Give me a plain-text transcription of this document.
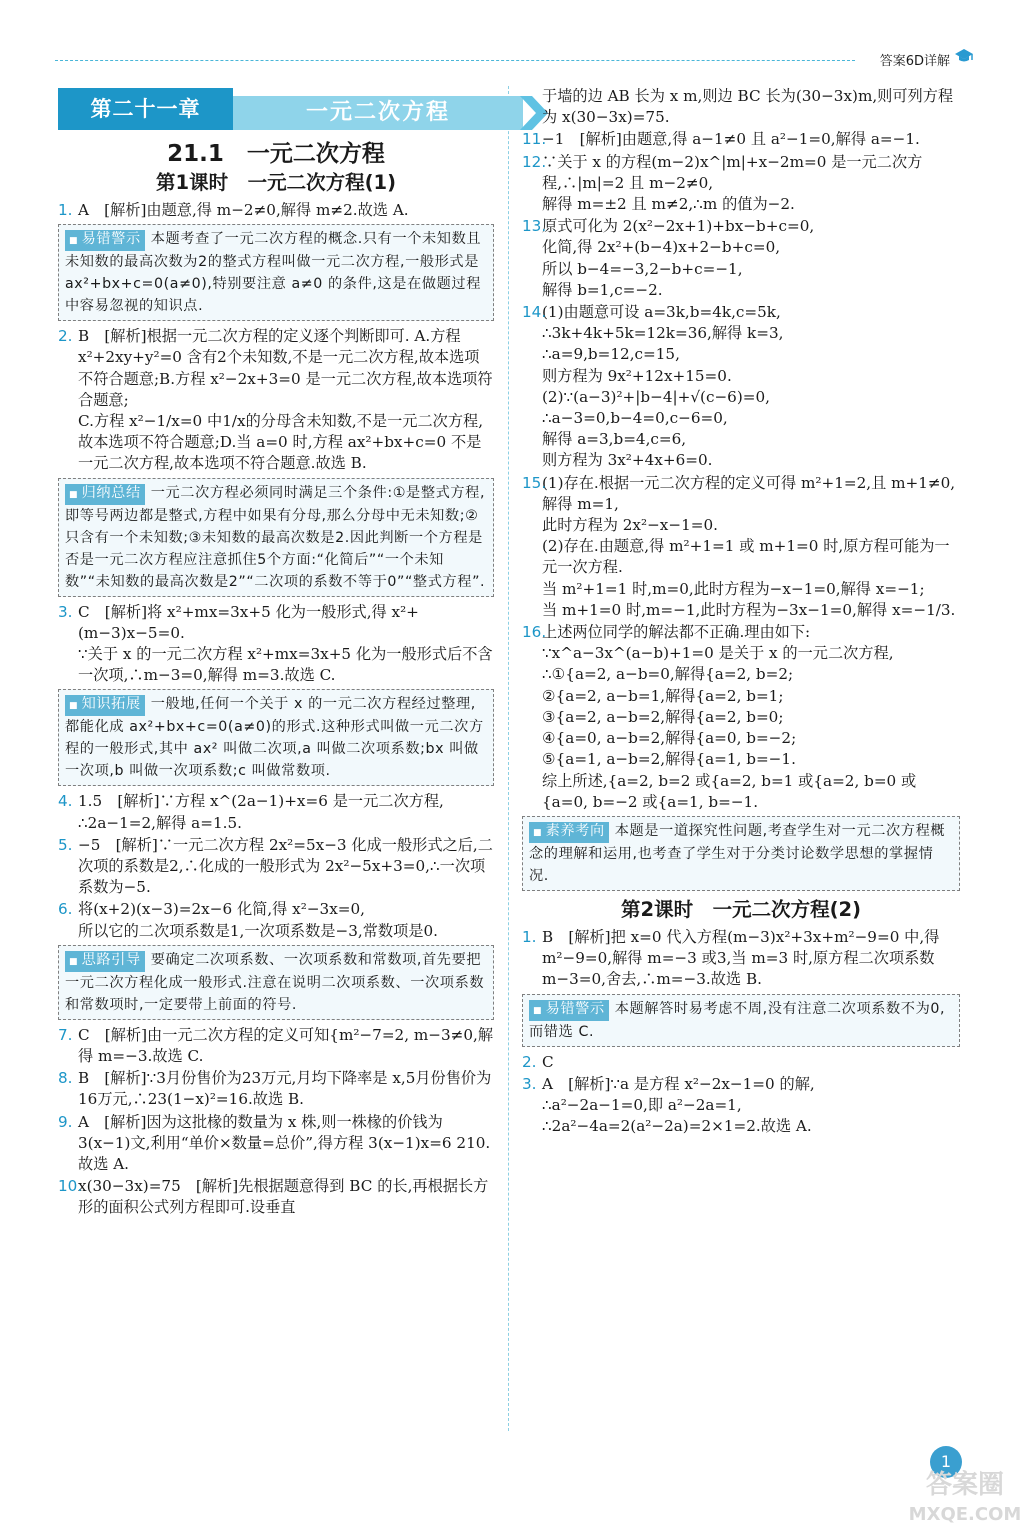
答案6D详解
第二十一章	一元二次方程
21.1　一元二次方程
第1课时　一元二次方程(1)
1. A　[解析]由题意,得 m−2≠0,解得 m≠2.故选 A.
■ 易错警示 本题考查了一元二次方程的概念.只有一个未知数且未知数的最高次数为2的整式方程叫做一元二次方程,一般形式是 ax²+bx+c=0(a≠0),特别要注意 a≠0 的条件,这是在做题过程中容易忽视的知识点.
2. B　[解析]根据一元二次方程的定义逐个判断即可. A.方程 x²+2xy+y²=0 含有2个未知数,不是一元二次方程,故本选项不符合题意;B.方程 x²−2x+3=0 是一元二次方程,故本选项符合题意;
C.方程 x²−1/x=0 中1/x的分母含未知数,不是一元二次方程,故本选项不符合题意;D.当 a=0 时,方程 ax²+bx+c=0 不是一元二次方程,故本选项不符合题意.故选 B.
■ 归纳总结 一元二次方程必须同时满足三个条件:①是整式方程,即等号两边都是整式,方程中如果有分母,那么分母中无未知数;②只含有一个未知数;③未知数的最高次数是2.因此判断一个方程是否是一元二次方程应注意抓住5个方面:“化简后”“一个未知数”“未知数的最高次数是2”“二次项的系数不等于0”“整式方程”.
3. C　[解析]将 x²+mx=3x+5 化为一般形式,得 x²+(m−3)x−5=0.
∵关于 x 的一元二次方程 x²+mx=3x+5 化为一般形式后不含一次项,∴m−3=0,解得 m=3.故选 C.
■ 知识拓展 一般地,任何一个关于 x 的一元二次方程经过整理,都能化成 ax²+bx+c=0(a≠0)的形式.这种形式叫做一元二次方程的一般形式,其中 ax² 叫做二次项,a 叫做二次项系数;bx 叫做一次项,b 叫做一次项系数;c 叫做常数项.
4. 1.5　[解析]∵方程 x^(2a−1)+x=6 是一元二次方程,
∴2a−1=2,解得 a=1.5.
5. −5　[解析]∵一元二次方程 2x²=5x−3 化成一般形式之后,二次项的系数是2,∴化成的一般形式为 2x²−5x+3=0,∴一次项系数为−5.
6. 将(x+2)(x−3)=2x−6 化简,得 x²−3x=0,
所以它的二次项系数是1,一次项系数是−3,常数项是0.
■ 思路引导 要确定二次项系数、一次项系数和常数项,首先要把一元二次方程化成一般形式.注意在说明二次项系数、一次项系数和常数项时,一定要带上前面的符号.
7. C　[解析]由一元二次方程的定义可知{m²−7=2, m−3≠0,解得 m=−3.故选 C.
8. B　[解析]∵3月份售价为23万元,月均下降率是 x,5月份售价为16万元,∴23(1−x)²=16.故选 B.
9. A　[解析]因为这批椽的数量为 x 株,则一株椽的价钱为3(x−1)文,利用“单价×数量=总价”,得方程 3(x−1)x=6 210.故选 A.
10.
x(30−3x)=75　[解析]先根据题意得到 BC 的长,再根据长方形的面积公式列方程即可.设垂直
于墙的边 AB 长为 x m,则边 BC 长为(30−3x)m,则可列方程为 x(30−3x)=75.
11.
−1　[解析]由题意,得 a−1≠0 且 a²−1=0,解得 a=−1.
12.
∵关于 x 的方程(m−2)x^|m|+x−2m=0 是一元二次方程,∴|m|=2 且 m−2≠0,
解得 m=±2 且 m≠2,∴m 的值为−2.
13.
原式可化为 2(x²−2x+1)+bx−b+c=0,
化简,得 2x²+(b−4)x+2−b+c=0,
所以 b−4=−3,2−b+c=−1,
解得 b=1,c=−2.
14.
(1)由题意可设 a=3k,b=4k,c=5k,
∴3k+4k+5k=12k=36,解得 k=3,
∴a=9,b=12,c=15,
则方程为 9x²+12x+15=0.
(2)∵(a−3)²+|b−4|+√(c−6)=0,
∴a−3=0,b−4=0,c−6=0,
解得 a=3,b=4,c=6,
则方程为 3x²+4x+6=0.
15.
(1)存在.根据一元二次方程的定义可得 m²+1=2,且 m+1≠0,解得 m=1,
此时方程为 2x²−x−1=0.
(2)存在.由题意,得 m²+1=1 或 m+1=0 时,原方程可能为一元一次方程.
当 m²+1=1 时,m=0,此时方程为−x−1=0,解得 x=−1;
当 m+1=0 时,m=−1,此时方程为−3x−1=0,解得 x=−1/3.
16.
上述两位同学的解法都不正确.理由如下:
∵x^a−3x^(a−b)+1=0 是关于 x 的一元二次方程,
∴①{a=2, a−b=0,解得{a=2, b=2;
②{a=2, a−b=1,解得{a=2, b=1;
③{a=2, a−b=2,解得{a=2, b=0;
④{a=0, a−b=2,解得{a=0, b=−2;
⑤{a=1, a−b=2,解得{a=1, b=−1.
综上所述,{a=2, b=2 或{a=2, b=1 或{a=2, b=0 或{a=0, b=−2 或{a=1, b=−1.
■ 素养考向 本题是一道探究性问题,考查学生对一元二次方程概念的理解和运用,也考查了学生对于分类讨论数学思想的掌握情况.
第2课时　一元二次方程(2)
1. B　[解析]把 x=0 代入方程(m−3)x²+3x+m²−9=0 中,得 m²−9=0,解得 m=−3 或3,当 m=3 时,原方程二次项系数 m−3=0,舍去,∴m=−3.故选 B.
■ 易错警示 本题解答时易考虑不周,没有注意二次项系数不为0,而错选 C.
2. C
3. A　[解析]∵a 是方程 x²−2x−1=0 的解,
∴a²−2a−1=0,即 a²−2a=1,
∴2a²−4a=2(a²−2a)=2×1=2.故选 A.
1
答案圈
MXQE.COM
